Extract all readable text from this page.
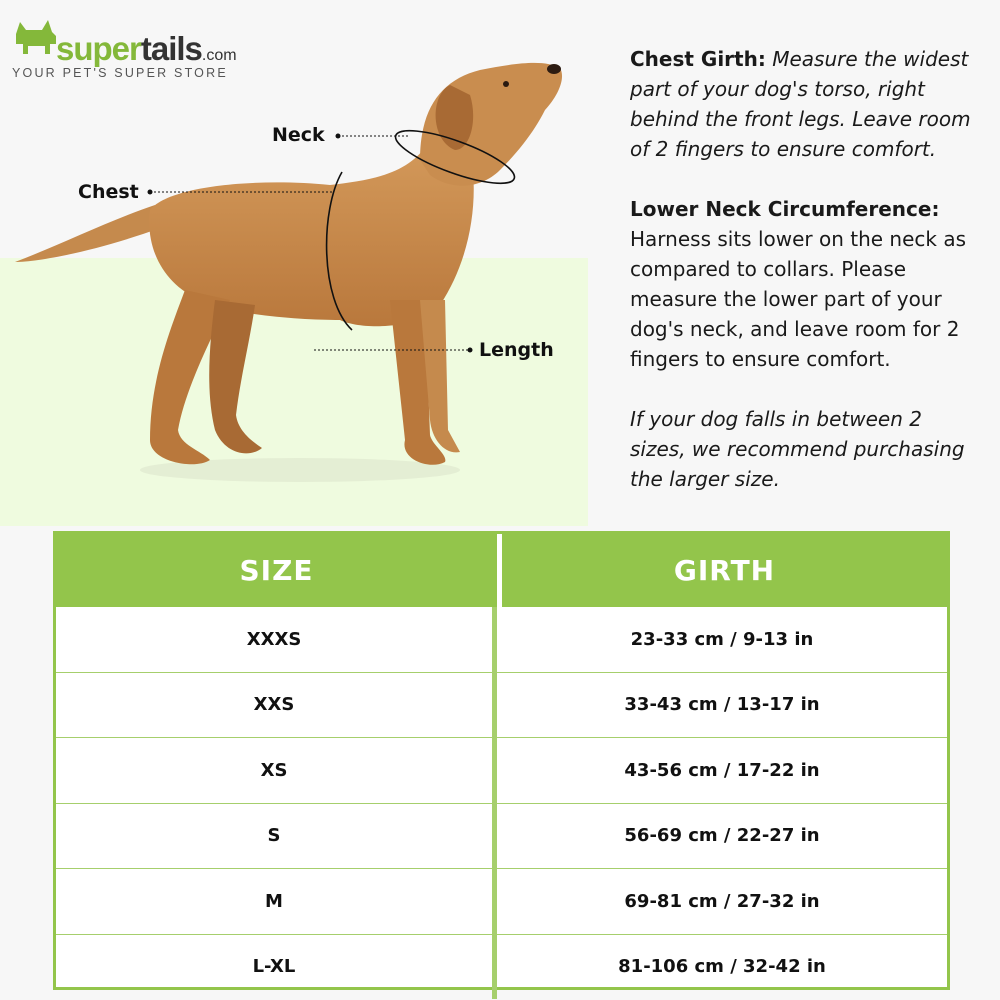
supertails.com
YOUR PET'S SUPER STORE
Neck
Chest
Length

Chest Girth: Measure the widest part of your dog's torso, right behind the front legs. Leave room of 2 fingers to ensure comfort.

Lower Neck Circumference: Harness sits lower on the neck as compared to collars. Please measure the lower part of your dog's neck, and leave room for 2 fingers to ensure comfort.

If your dog falls in between 2 sizes, we recommend purchasing the larger size.

SIZE	GIRTH
XXXS	23-33 cm / 9-13 in
XXS	33-43 cm / 13-17 in
XS	43-56 cm / 17-22 in
S	56-69 cm / 22-27 in
M	69-81 cm / 27-32 in
L-XL	81-106 cm / 32-42 in
